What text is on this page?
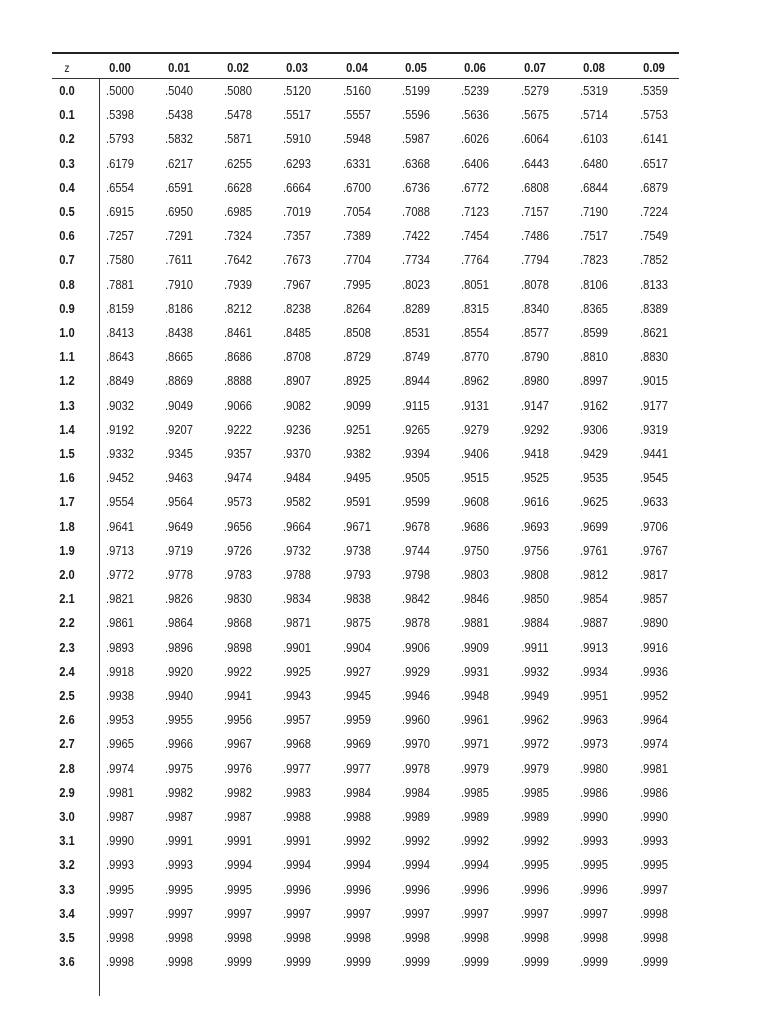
z	0.00	0.01	0.02	0.03	0.04	0.05	0.06	0.07	0.08	0.09
0.0	.5000 .5040 .5080 .5120 .5160 .5199 .5239 .5279 .5319 .5359
0.1	.5398 .5438 .5478 .5517 .5557 .5596 .5636 .5675 .5714 .5753
0.2	.5793 .5832 .5871 .5910 .5948 .5987 .6026 .6064 .6103 .6141
0.3	.6179 .6217 .6255 .6293 .6331 .6368 .6406 .6443 .6480 .6517
0.4	.6554 .6591 .6628 .6664 .6700 .6736 .6772 .6808 .6844 .6879
0.5	.6915 .6950 .6985 .7019 .7054 .7088 .7123 .7157 .7190 .7224
0.6	.7257 .7291 .7324 .7357 .7389 .7422 .7454 .7486 .7517 .7549
0.7	.7580 .7611 .7642 .7673 .7704 .7734 .7764 .7794 .7823 .7852
0.8	.7881 .7910 .7939 .7967 .7995 .8023 .8051 .8078 .8106 .8133
0.9	.8159 .8186 .8212 .8238 .8264 .8289 .8315 .8340 .8365 .8389
1.0	.8413 .8438 .8461 .8485 .8508 .8531 .8554 .8577 .8599 .8621
1.1	.8643 .8665 .8686 .8708 .8729 .8749 .8770 .8790 .8810 .8830
1.2	.8849 .8869 .8888 .8907 .8925 .8944 .8962 .8980 .8997 .9015
1.3	.9032 .9049 .9066 .9082 .9099 .9115 .9131 .9147 .9162 .9177
1.4	.9192 .9207 .9222 .9236 .9251 .9265 .9279 .9292 .9306 .9319
1.5	.9332 .9345 .9357 .9370 .9382 .9394 .9406 .9418 .9429 .9441
1.6	.9452 .9463 .9474 .9484 .9495 .9505 .9515 .9525 .9535 .9545
1.7	.9554 .9564 .9573 .9582 .9591 .9599 .9608 .9616 .9625 .9633
1.8	.9641 .9649 .9656 .9664 .9671 .9678 .9686 .9693 .9699 .9706
1.9	.9713 .9719 .9726 .9732 .9738 .9744 .9750 .9756 .9761 .9767
2.0	.9772 .9778 .9783 .9788 .9793 .9798 .9803 .9808 .9812 .9817
2.1	.9821 .9826 .9830 .9834 .9838 .9842 .9846 .9850 .9854 .9857
2.2	.9861 .9864 .9868 .9871 .9875 .9878 .9881 .9884 .9887 .9890
2.3	.9893 .9896 .9898 .9901 .9904 .9906 .9909 .9911 .9913 .9916
2.4	.9918 .9920 .9922 .9925 .9927 .9929 .9931 .9932 .9934 .9936
2.5	.9938 .9940 .9941 .9943 .9945 .9946 .9948 .9949 .9951 .9952
2.6	.9953 .9955 .9956 .9957 .9959 .9960 .9961 .9962 .9963 .9964
2.7	.9965 .9966 .9967 .9968 .9969 .9970 .9971 .9972 .9973 .9974
2.8	.9974 .9975 .9976 .9977 .9977 .9978 .9979 .9979 .9980 .9981
2.9	.9981 .9982 .9982 .9983 .9984 .9984 .9985 .9985 .9986 .9986
3.0	.9987 .9987 .9987 .9988 .9988 .9989 .9989 .9989 .9990 .9990
3.1	.9990 .9991 .9991 .9991 .9992 .9992 .9992 .9992 .9993 .9993
3.2	.9993 .9993 .9994 .9994 .9994 .9994 .9994 .9995 .9995 .9995
3.3	.9995 .9995 .9995 .9996 .9996 .9996 .9996 .9996 .9996 .9997
3.4	.9997 .9997 .9997 .9997 .9997 .9997 .9997 .9997 .9997 .9998
3.5	.9998 .9998 .9998 .9998 .9998 .9998 .9998 .9998 .9998 .9998
3.6	.9998 .9998 .9999 .9999 .9999 .9999 .9999 .9999 .9999 .9999
